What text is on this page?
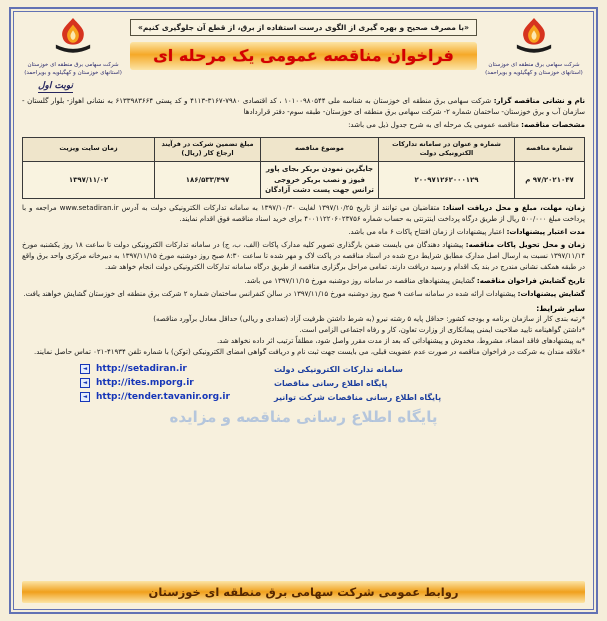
شرکت سهامی برق منطقه ای خوزستان
(استانهای خوزستان و کهگیلویه و بویراحمد)
«با مصرف صحیح و بهره گیری از الگوی درست استفاده از برق، از قطع آن جلوگیری کنیم»
فراخوان مناقصه عمومی یک مرحله ای
شرکت سهامی برق منطقه ای خوزستان
(استانهای خوزستان و کهگیلویه و بویراحمد)
نوبت اول

نام و نشانی مناقصه گزار: شرکت سهامی برق منطقه ای خوزستان به شناسه ملی ۱۰۱۰۰۹۸۰۵۴۴ ، کد اقتصادی ۷۹۸۰-۳۱۶۷-۴۱۱۳ و کد پستی ۶۱۳۳۹۸۳۶۶۴ به نشانی اهواز- بلوار گلستان - سازمان آب و برق خوزستان- ساختمان شماره ۲- شرکت سهامی برق منطقه ای خوزستان- طبقه سوم- دفتر قراردادها

مشخصات مناقصه: مناقصه عمومی یک مرحله ای به شرح جدول ذیل می باشد:

شماره مناقصه	شماره و عنوان در سامانه تدارکات الکترونیکی دولت	موضوع مناقصه	مبلغ تضمین شرکت در فرآیند ارجاع کار (ریال)	زمان سایت ویزیت
۹۷/۲۰۲۱۰۴۷ م	۲۰۰۹۷۱۲۶۲۰۰۰۱۲۹	جایگزین نمودن بریکر بجای پاور فیوز و نصب بریکر خروجی ترانس جهت پست دشت آزادگان	۱۸۶/۵۳۳/۴۹۷	۱۳۹۷/۱۱/۰۲

زمان، مهلت، مبلغ و محل دریافت اسناد: متقاضیان می توانند از تاریخ ۱۳۹۷/۱۰/۲۵ لغایت ۱۳۹۷/۱۰/۳۰ به سامانه تدارکات الکترونیکی دولت به آدرس www.setadiran.ir مراجعه و با پرداخت مبلغ ۵۰۰/۰۰۰ ریال از طریق درگاه پرداخت اینترنتی به حساب شماره ۴۰۰۱۱۲۲۰۶۰۲۳۷۵۶ برای خرید اسناد مناقصه فوق اقدام نمایند.

مدت اعتبار پیشنهادات: اعتبار پیشنهادات از زمان افتتاح پاکات ۶ ماه می باشد.

زمان و محل تحویل پاکات مناقصه: پیشنهاد دهندگان می بایست ضمن بارگذاری تصویر کلیه مدارک پاکات (الف، ب، ج) در سامانه تدارکات الکترونیکی دولت تا ساعت ۱۸ روز یکشنبه مورخ ۱۳۹۷/۱۱/۱۴ نسبت به ارسال اصل مدارک مطابق شرایط درج شده در اسناد مناقصه در پاکت لاک و مهر شده تا ساعت ۸:۳۰ صبح روز دوشنبه مورخ ۱۳۹۷/۱۱/۱۵ به دبیرخانه مرکزی واحد برق واقع در طبقه همکف نشانی مندرج در بند یک اقدام و رسید دریافت دارند. تمامی مراحل برگزاری مناقصه از طریق درگاه سامانه تدارکات الکترونیکی دولت انجام خواهد شد.

تاریخ گشایش فراخوان مناقصه: گشایش پیشنهادهای مناقصه در سامانه روز دوشنبه مورخ ۱۳۹۷/۱۱/۱۵ می باشد.

گشایش پیشنهادات: پیشنهادات ارائه شده در سامانه ساعت ۹ صبح روز دوشنبه مورخ ۱۳۹۷/۱۱/۱۵ در سالن کنفرانس ساختمان شماره ۲ شرکت برق منطقه ای خوزستان گشایش خواهند یافت.

سایر شرایط:
*رتبه بندی کار از سازمان برنامه و بودجه کشور: حداقل پایه ۵ رشته نیرو (به شرط داشتن ظرفیت آزاد (تعدادی و ریالی) حداقل معادل برآورد مناقصه)
*داشتن گواهینامه تایید صلاحیت ایمنی پیمانکاری از وزارت تعاون، کار و رفاه اجتماعی الزامی است.
*به پیشنهادهای فاقد امضاء، مشروط، مخدوش و پیشنهاداتی که بعد از مدت مقرر واصل شود، مطلقاً ترتیب اثر داده نخواهد شد.
*علاقه مندان به شرکت در فراخوان مناقصه در صورت عدم عضویت قبلی، می بایست جهت ثبت نام و دریافت گواهی امضای الکترونیکی (توکن) با شماره تلفن ۴۱۹۳۴-۰۲۱ تماس حاصل نمایند.
◄ http://setadiran.ir	سامانه تدارکات الکترونیکی دولت
◄ http://ites.mporg.ir	پایگاه اطلاع رسانی مناقصات
◄ http://tender.tavanir.org.ir	پایگاه اطلاع رسانی مناقصات شرکت توانیر
پایگاه اطلاع رسانی مناقصه و مزایده
روابط عمومی شرکت سهامی برق منطقه ای خوزستان
